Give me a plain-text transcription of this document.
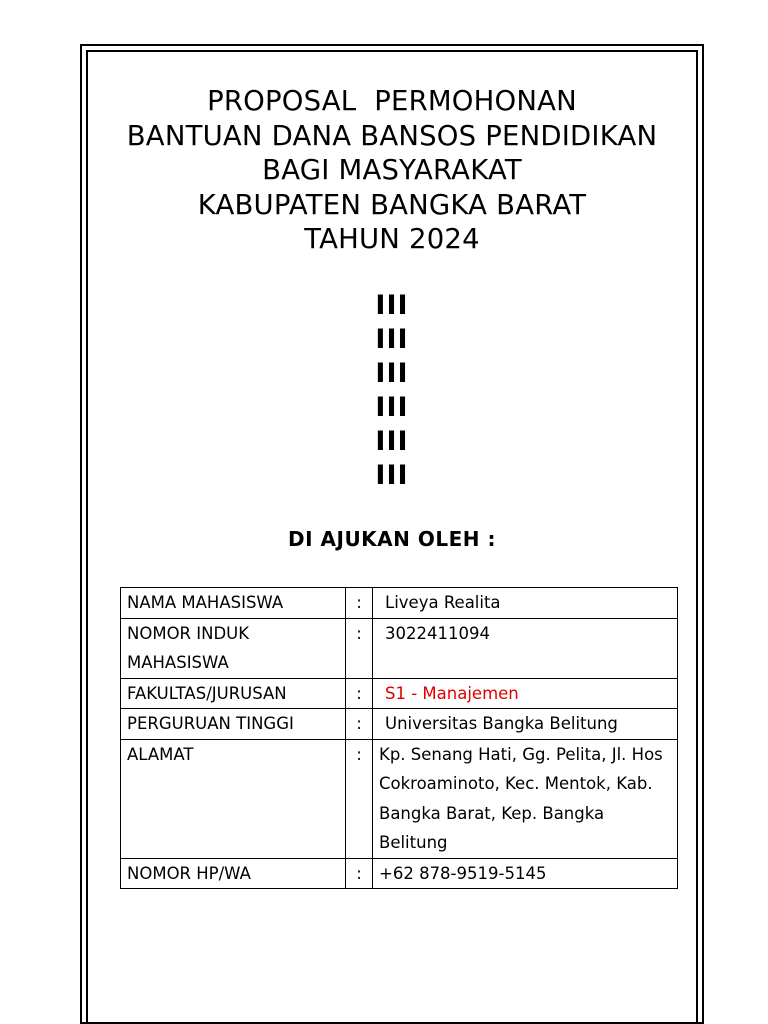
PROPOSAL  PERMOHONAN
BANTUAN DANA BANSOS PENDIDIKAN
BAGI MASYARAKAT
KABUPATEN BANGKA BARAT
TAHUN 2024
III
III
III
III
III
III
DI AJUKAN OLEH :
NAMA MAHASISWA	:	Liveya Realita
NOMOR INDUK MAHASISWA	:	3022411094
FAKULTAS/JURUSAN	:	S1 - Manajemen
PERGURUAN TINGGI	:	Universitas Bangka Belitung
ALAMAT	:	Kp. Senang Hati, Gg. Pelita, Jl. Hos Cokroaminoto, Kec. Mentok, Kab. Bangka Barat, Kep. Bangka Belitung
NOMOR HP/WA	:	+62 878-9519-5145
